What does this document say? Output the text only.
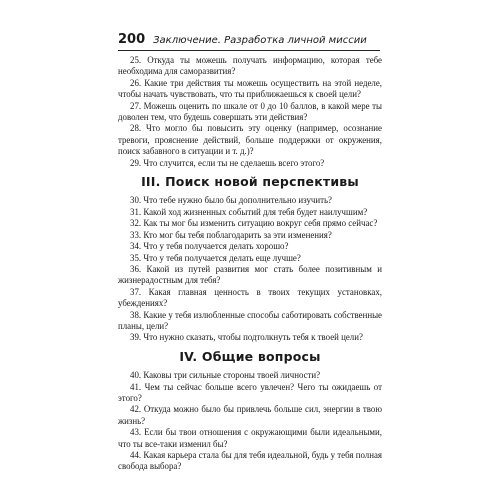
200 Заключение. Разработка личной миссии

25. Откуда ты можешь получать информацию, которая тебе необходима для саморазвития?

26. Какие три действия ты можешь осуществить на этой неделе, чтобы начать чувствовать, что ты приближаешься к своей цели?

27. Можешь оценить по шкале от 0 до 10 баллов, в какой мере ты доволен тем, что будешь совершать эти действия?

28. Что могло бы повысить эту оценку (например, осознание тревоги, прояснение действий, больше поддержки от окружения, поиск забавного в ситуации и т. д.)?

29. Что случится, если ты не сделаешь всего этого?

III. Поиск новой перспективы

30. Что тебе нужно было бы дополнительно изучить?

31. Какой ход жизненных событий для тебя будет наилучшим?

32. Как ты мог бы изменить ситуацию вокруг себя прямо сейчас?

33. Кто мог бы тебя поблагодарить за эти изменения?

34. Что у тебя получается делать хорошо?

35. Что у тебя получается делать еще лучше?

36. Какой из путей развития мог стать более позитивным и жизнерадостным для тебя?

37. Какая главная ценность в твоих текущих установках, убеждениях?

38. Какие у тебя излюбленные способы саботировать собственные планы, цели?

39. Что нужно сказать, чтобы подтолкнуть тебя к твоей цели?

IV. Общие вопросы

40. Каковы три сильные стороны твоей личности?

41. Чем ты сейчас больше всего увлечен? Чего ты ожидаешь от этого?

42. Откуда можно было бы привлечь больше сил, энергии в твою жизнь?

43. Если бы твои отношения с окружающими были идеальными, что ты все-таки изменил бы?

44. Какая карьера стала бы для тебя идеальной, будь у тебя полная свобода выбора?
